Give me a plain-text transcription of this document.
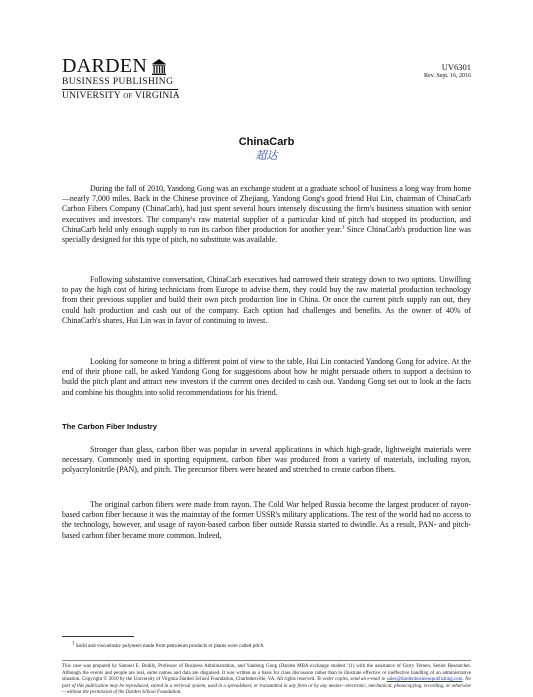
DARDEN
BUSINESS PUBLISHING
UNIVERSITY of VIRGINIA
UV6301
Rev. Sept. 16, 2016
ChinaCarb
超达

During the fall of 2010, Yandong Gong was an exchange student at a graduate school of business a long way from home—nearly 7,000 miles. Back in the Chinese province of Zhejiang, Yandong Gong's good friend Hui Lin, chairman of ChinaCarb Carbon Fibers Company (ChinaCarb), had just spent several hours intensely discussing the firm's business situation with senior executives and investors. The company's raw material supplier of a particular kind of pitch had stopped its production, and ChinaCarb held only enough supply to run its carbon fiber production for another year.$^1$ Since ChinaCarb's production line was specially designed for this type of pitch, no substitute was available.

Following substantive conversation, ChinaCarb executives had narrowed their strategy down to two options. Unwilling to pay the high cost of hiring technicians from Europe to advise them, they could buy the raw material production technology from their previous supplier and build their own pitch production line in China. Or once the current pitch supply ran out, they could halt production and cash out of the company. Each option had challenges and benefits. As the owner of 40% of ChinaCarb's shares, Hui Lin was in favor of continuing to invest.

Looking for someone to bring a different point of view to the table, Hui Lin contacted Yandong Gong for advice. At the end of their phone call, he asked Yandong Gong for suggestions about how he might persuade others to support a decision to build the pitch plant and attract new investors if the current ones decided to cash out. Yandong Gong set out to look at the facts and combine his thoughts into solid recommendations for his friend.

The Carbon Fiber Industry

Stronger than glass, carbon fiber was popular in several applications in which high-grade, lightweight materials were necessary. Commonly used in sporting equipment, carbon fiber was produced from a variety of materials, including rayon, polyacrylonitrile (PAN), and pitch. The precursor fibers were heated and stretched to create carbon fibers.

The original carbon fibers were made from rayon. The Cold War helped Russia become the largest producer of rayon-based carbon fiber because it was the mainstay of the former USSR's military applications. The rest of the world had no access to the technology, however, and usage of rayon-based carbon fiber outside Russia started to dwindle. As a result, PAN- and pitch-based carbon fiber became more common. Indeed,

$^1$ Solid and viscoelastic polymers made from petroleum products or plants were called pitch.
This case was prepared by Samuel E. Bodily, Professor of Business Administration, and Yandong Gong (Darden MBA exchange student '11) with the assistance of Gerry Yemen, Senior Researcher. Although the events and people are real, some names and data are disguised. It was written as a basis for class discussion rather than to illustrate effective or ineffective handling of an administrative situation. Copyright © 2010 by the University of Virginia Darden School Foundation, Charlottesville, VA. All rights reserved. To order copies, send an e-mail to sales@dardenbusinesspublishing.com. No part of this publication may be reproduced, stored in a retrieval system, used in a spreadsheet, or transmitted in any form or by any means—electronic, mechanical, photocopying, recording, or otherwise—without the permission of the Darden School Foundation.
